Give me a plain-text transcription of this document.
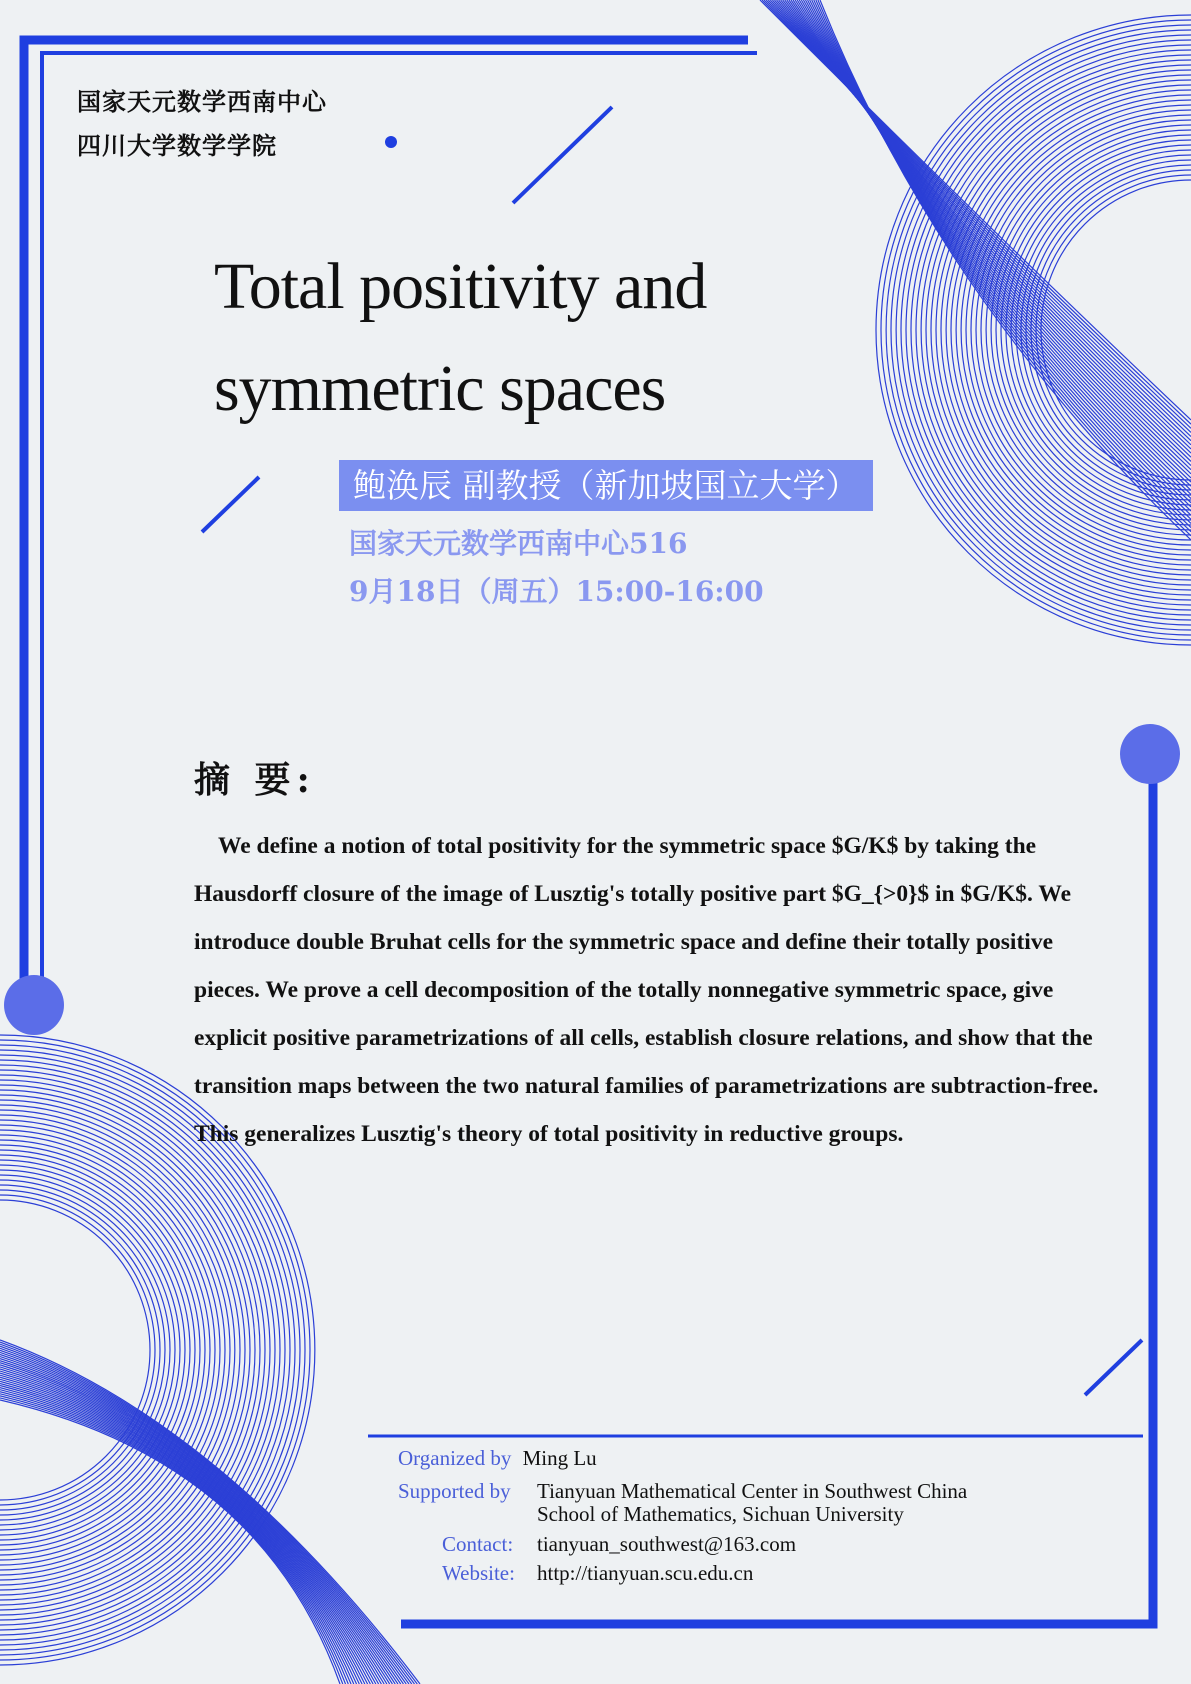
国家天元数学西南中心
四川大学数学学院
Total positivity and
symmetric spaces
鲍涣辰 副教授（新加坡国立大学）
国家天元数学西南中心516
9月18日（周五）15:00-16:00
摘 要:
We define a notion of total positivity for the symmetric space $G/K$ by taking the Hausdorff closure of the image of Lusztig's totally positive part $G_{>0}$ in $G/K$. We introduce double Bruhat cells for the symmetric space and define their totally positive pieces. We prove a cell decomposition of the totally nonnegative symmetric space, give explicit positive parametrizations of all cells, establish closure relations, and show that the transition maps between the two natural families of parametrizations are subtraction-free. This generalizes Lusztig's theory of total positivity in reductive groups.
Organized by Ming Lu
Supported by Tianyuan Mathematical Center in Southwest China
School of Mathematics, Sichuan University
Contact: tianyuan_southwest@163.com
Website: http://tianyuan.scu.edu.cn
